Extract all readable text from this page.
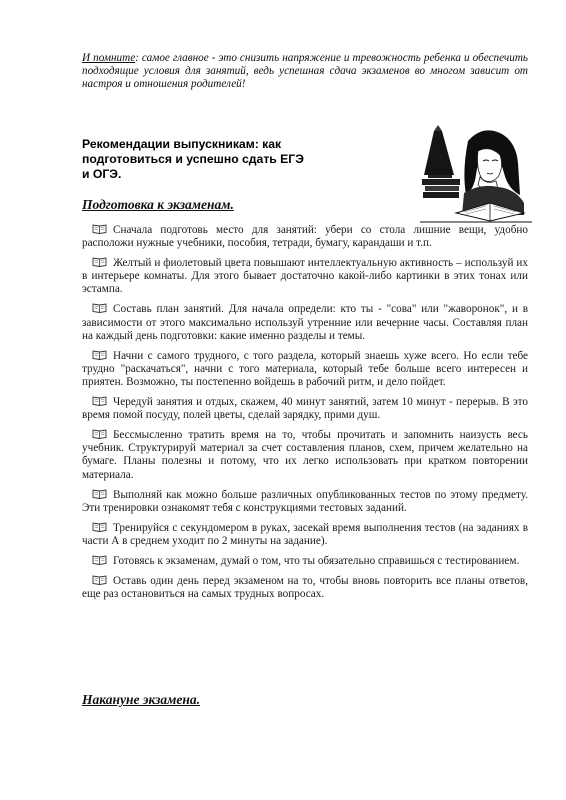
И помните: самое главное - это снизить напряжение и тревожность ребенка и обеспечить подходящие условия для занятий, ведь успешная сдача экзаменов во многом зависит от настроя и отношения родителей!

Рекомендации выпускникам: как
подготовиться и успешно сдать ЕГЭ
и ОГЭ.
Подготовка к экзаменам.
Сначала подготовь место для занятий: убери со стола лишние вещи, удобно расположи нужные учебники, пособия, тетради, бумагу, карандаши и т.п.
Желтый и фиолетовый цвета повышают интеллектуальную активность – используй их в интерьере комнаты. Для этого бывает достаточно какой-либо картинки в этих тонах или эстампа.
Составь план занятий. Для начала определи: кто ты - "сова" или "жаворонок", и в зависимости от этого максимально используй утренние или вечерние часы. Составляя план на каждый день подготовки: какие именно разделы и темы.
Начни с самого трудного, с того раздела, который знаешь хуже всего. Но если тебе трудно "раскачаться", начни с того материала, который тебе больше всего интересен и приятен. Возможно, ты постепенно войдешь в рабочий ритм, и дело пойдет.
Чередуй занятия и отдых, скажем, 40 минут занятий, затем 10 минут - перерыв. В это время помой посуду, полей цветы, сделай зарядку, прими душ.
Бессмысленно тратить время на то, чтобы прочитать и запомнить наизусть весь учебник. Структурируй материал за счет составления планов, схем, причем желательно на бумаге. Планы полезны и потому, что их легко использовать при кратком повторении материала.
Выполняй как можно больше различных опубликованных тестов по этому предмету. Эти тренировки ознакомят тебя с конструкциями тестовых заданий.
Тренируйся с секундомером в руках, засекай время выполнения тестов (на заданиях в части А в среднем уходит по 2 минуты на задание).
Готовясь к экзаменам, думай о том, что ты обязательно справишься с тестированием.
Оставь один день перед экзаменом на то, чтобы вновь повторить все планы ответов, еще раз остановиться на самых трудных вопросах.
Накануне экзамена.
